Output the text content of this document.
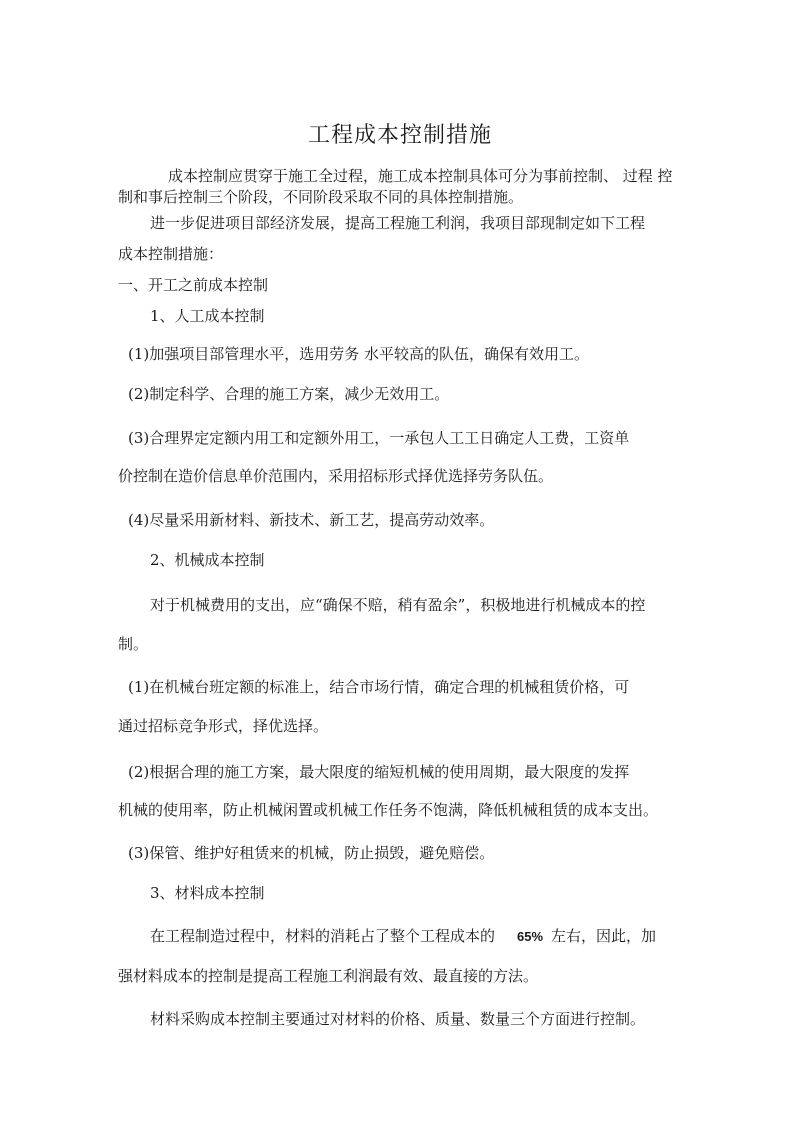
工程成本控制措施
成本控制应贯穿于施工全过程，施工成本控制具体可分为事前控制、 过程 控
制和事后控制三个阶段，不同阶段采取不同的具体控制措施。
进一步促进项目部经济发展，提高工程施工利润，我项目部现制定如下工程
成本控制措施：
一、开工之前成本控制
1、人工成本控制
(1)加强项目部管理水平，选用劳务 水平较高的队伍，确保有效用工。
(2)制定科学、合理的施工方案，减少无效用工。
(3)合理界定定额内用工和定额外用工，一承包人工工日确定人工费，工资单
价控制在造价信息单价范围内，采用招标形式择优选择劳务队伍。
(4)尽量采用新材料、新技术、新工艺，提高劳动效率。
2、机械成本控制
对于机械费用的支出，应“确保不赔，稍有盈余”，积极地进行机械成本的控
制。
(1)在机械台班定额的标准上，结合市场行情，确定合理的机械租赁价格，可
通过招标竞争形式，择优选择。
(2)根据合理的施工方案，最大限度的缩短机械的使用周期，最大限度的发挥
机械的使用率，防止机械闲置或机械工作任务不饱满，降低机械租赁的成本支出。
(3)保管、维护好租赁来的机械，防止损毁，避免赔偿。
3、材料成本控制
在工程制造过程中，材料的消耗占了整个工程成本的 65% 左右，因此，加
强材料成本的控制是提高工程施工利润最有效、最直接的方法。
材料采购成本控制主要通过对材料的价格、质量、数量三个方面进行控制。
